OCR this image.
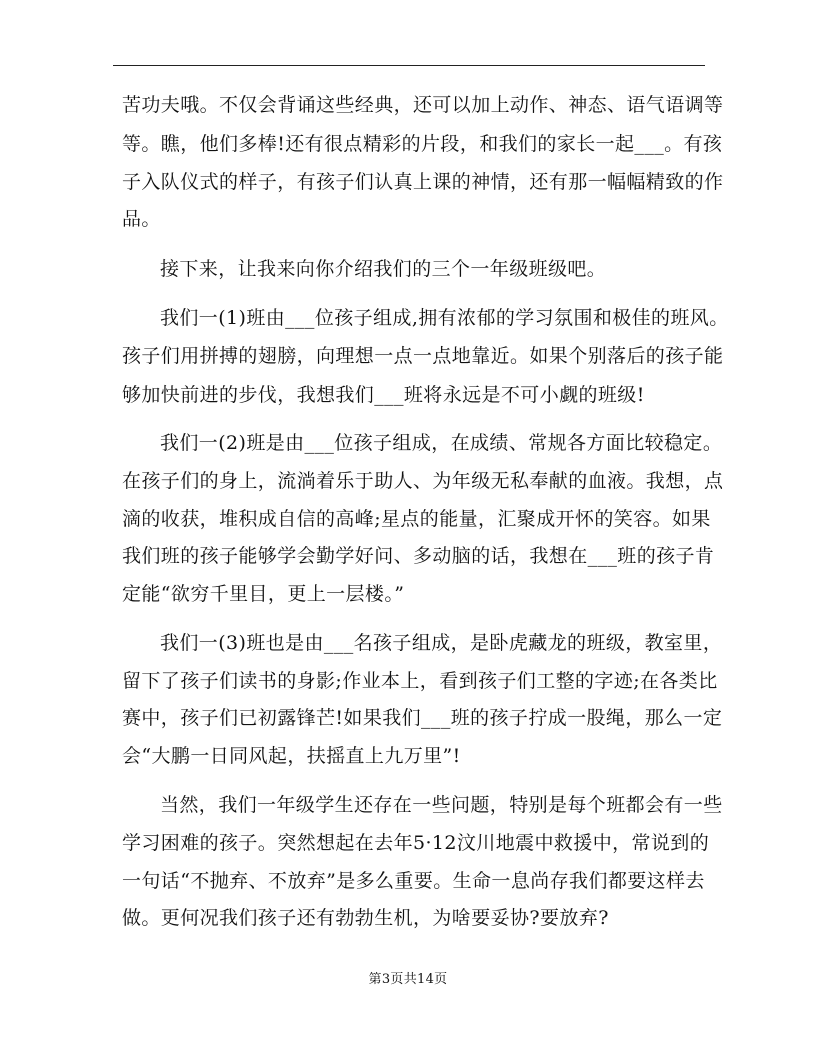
苦功夫哦。不仅会背诵这些经典，还可以加上动作、神态、语气语调等
等。瞧，他们多棒!还有很点精彩的片段，和我们的家长一起___。有孩
子入队仪式的样子，有孩子们认真上课的神情，还有那一幅幅精致的作
品。
接下来，让我来向你介绍我们的三个一年级班级吧。
我们一(1)班由___位孩子组成,拥有浓郁的学习氛围和极佳的班风。
孩子们用拼搏的翅膀，向理想一点一点地靠近。如果个别落后的孩子能
够加快前进的步伐，我想我们___班将永远是不可小觑的班级!
我们一(2)班是由___位孩子组成，在成绩、常规各方面比较稳定。
在孩子们的身上，流淌着乐于助人、为年级无私奉献的血液。我想，点
滴的收获，堆积成自信的高峰;星点的能量，汇聚成开怀的笑容。如果
我们班的孩子能够学会勤学好问、多动脑的话，我想在___班的孩子肯
定能“欲穷千里目，更上一层楼。”
我们一(3)班也是由___名孩子组成，是卧虎藏龙的班级，教室里，
留下了孩子们读书的身影;作业本上，看到孩子们工整的字迹;在各类比
赛中，孩子们已初露锋芒!如果我们___班的孩子拧成一股绳，那么一定
会“大鹏一日同风起，扶摇直上九万里”!
当然，我们一年级学生还存在一些问题，特别是每个班都会有一些
学习困难的孩子。突然想起在去年5·12汶川地震中救援中，常说到的
一句话“不抛弃、不放弃”是多么重要。生命一息尚存我们都要这样去
做。更何况我们孩子还有勃勃生机，为啥要妥协?要放弃?
第3页共14页
